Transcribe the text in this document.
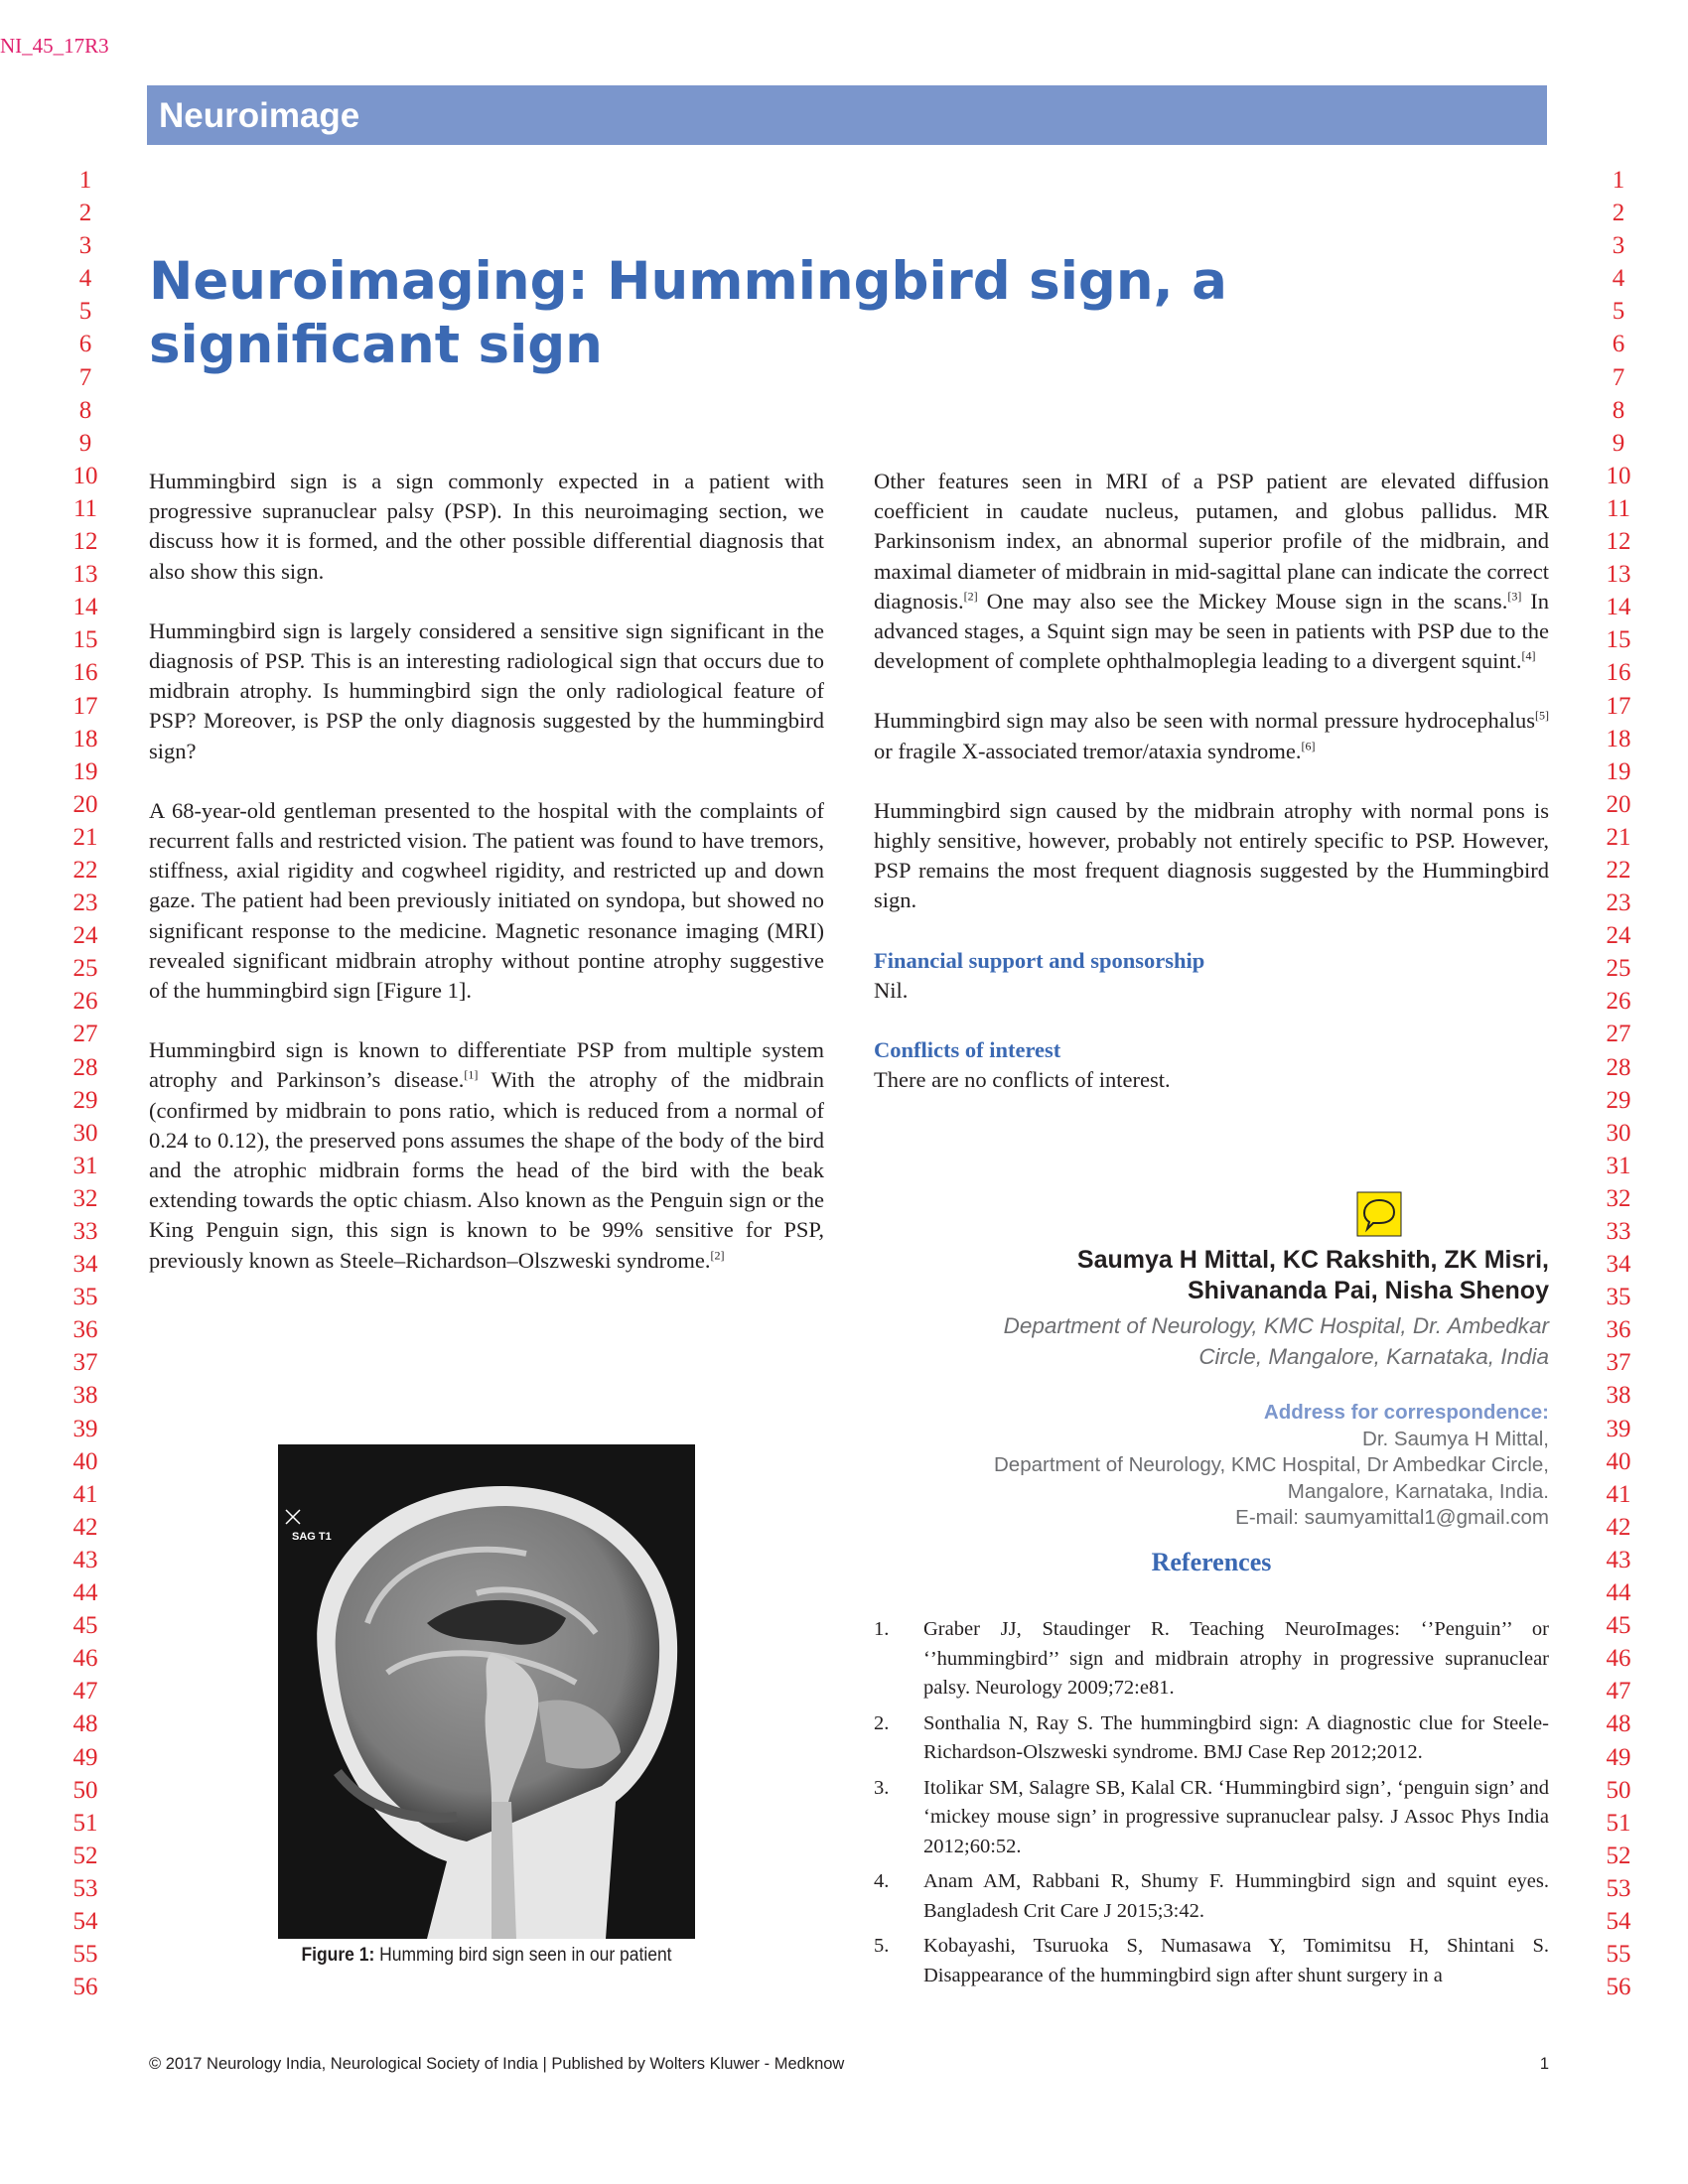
NI_45_17R3
Neuroimage
1
2
3
4
5
6
7
8
9
10
11
12
13
14
15
16
17
18
19
20
21
22
23
24
25
26
27
28
29
30
31
32
33
34
35
36
37
38
39
40
41
42
43
44
45
46
47
48
49
50
51
52
53
54
55
56
1
2
3
4
5
6
7
8
9
10
11
12
13
14
15
16
17
18
19
20
21
22
23
24
25
26
27
28
29
30
31
32
33
34
35
36
37
38
39
40
41
42
43
44
45
46
47
48
49
50
51
52
53
54
55
56
Neuroimaging: Hummingbird sign, a significant sign

Hummingbird sign is a sign commonly expected in a patient with progressive supranuclear palsy (PSP). In this neuroimaging section, we discuss how it is formed, and the other possible differential diagnosis that also show this sign.

Hummingbird sign is largely considered a sensitive sign significant in the diagnosis of PSP. This is an interesting radiological sign that occurs due to midbrain atrophy. Is hummingbird sign the only radiological feature of PSP? Moreover, is PSP the only diagnosis suggested by the hummingbird sign?

A 68-year-old gentleman presented to the hospital with the complaints of recurrent falls and restricted vision. The patient was found to have tremors, stiffness, axial rigidity and cogwheel rigidity, and restricted up and down gaze. The patient had been previously initiated on syndopa, but showed no significant response to the medicine. Magnetic resonance imaging (MRI) revealed significant midbrain atrophy without pontine atrophy suggestive of the hummingbird sign [Figure 1].

Hummingbird sign is known to differentiate PSP from multiple system atrophy and Parkinson’s disease.[1] With the atrophy of the midbrain (confirmed by midbrain to pons ratio, which is reduced from a normal of 0.24 to 0.12), the preserved pons assumes the shape of the body of the bird and the atrophic midbrain forms the head of the bird with the beak extending towards the optic chiasm. Also known as the Penguin sign or the King Penguin sign, this sign is known to be 99% sensitive for PSP, previously known as Steele–Richardson–Olszweski syndrome.[2]

SAG T1
Figure 1: Humming bird sign seen in our patient

Other features seen in MRI of a PSP patient are elevated diffusion coefficient in caudate nucleus, putamen, and globus pallidus. MR Parkinsonism index, an abnormal superior profile of the midbrain, and maximal diameter of midbrain in mid-sagittal plane can indicate the correct diagnosis.[2] One may also see the Mickey Mouse sign in the scans.[3] In advanced stages, a Squint sign may be seen in patients with PSP due to the development of complete ophthalmoplegia leading to a divergent squint.[4]

Hummingbird sign may also be seen with normal pressure hydrocephalus[5] or fragile X-associated tremor/ataxia syndrome.[6]

Hummingbird sign caused by the midbrain atrophy with normal pons is highly sensitive, however, probably not entirely specific to PSP. However, PSP remains the most frequent diagnosis suggested by the Hummingbird sign.

Financial support and sponsorship
Nil.

Conflicts of interest
There are no conflicts of interest.

Saumya H Mittal, KC Rakshith, ZK Misri,
Shivananda Pai, Nisha Shenoy
Department of Neurology, KMC Hospital, Dr. Ambedkar
Circle, Mangalore, Karnataka, India
Address for correspondence:
Dr. Saumya H Mittal,
Department of Neurology, KMC Hospital, Dr Ambedkar Circle,
Mangalore, Karnataka, India.
E-mail: saumyamittal1@gmail.com
References
1. Graber JJ, Staudinger R. Teaching NeuroImages: ‘’Penguin’’ or ‘’hummingbird’’ sign and midbrain atrophy in progressive supranuclear palsy. Neurology 2009;72:e81.
2. Sonthalia N, Ray S. The hummingbird sign: A diagnostic clue for Steele-Richardson-Olszweski syndrome. BMJ Case Rep 2012;2012.
3. Itolikar SM, Salagre SB, Kalal CR. ‘Hummingbird sign’, ‘penguin sign’ and ‘mickey mouse sign’ in progressive supranuclear palsy. J Assoc Phys India 2012;60:52.
4. Anam AM, Rabbani R, Shumy F. Hummingbird sign and squint eyes. Bangladesh Crit Care J 2015;3:42.
5. Kobayashi, Tsuruoka S, Numasawa Y, Tomimitsu H, Shintani S. Disappearance of the hummingbird sign after shunt surgery in a
© 2017 Neurology India, Neurological Society of India | Published by Wolters Kluwer - Medknow	1
